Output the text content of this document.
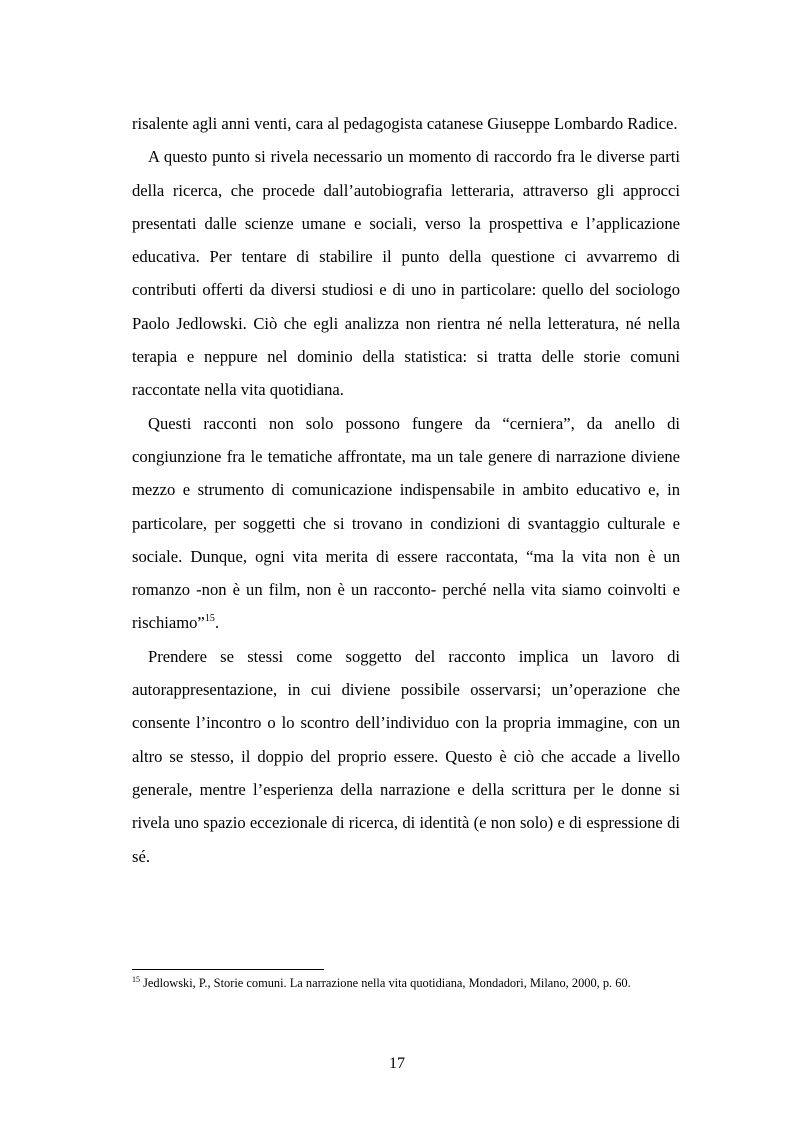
risalente agli anni venti, cara al pedagogista catanese Giuseppe Lombardo Radice.

A questo punto si rivela necessario un momento di raccordo fra le diverse parti della ricerca, che procede dall’autobiografia letteraria, attraverso gli approcci presentati dalle scienze umane e sociali, verso la prospettiva e l’applicazione educativa. Per tentare di stabilire il punto della questione ci avvarremo di contributi offerti da diversi studiosi e di uno in particolare: quello del sociologo Paolo Jedlowski. Ciò che egli analizza non rientra né nella letteratura, né nella terapia e neppure nel dominio della statistica: si tratta delle storie comuni raccontate nella vita quotidiana.

Questi racconti non solo possono fungere da “cerniera”, da anello di congiunzione fra le tematiche affrontate, ma un tale genere di narrazione diviene mezzo e strumento di comunicazione indispensabile in ambito educativo e, in particolare, per soggetti che si trovano in condizioni di svantaggio culturale e sociale. Dunque, ogni vita merita di essere raccontata, “ma la vita non è un romanzo -non è un film, non è un racconto- perché nella vita siamo coinvolti e rischiamo”$^{15}$.

Prendere se stessi come soggetto del racconto implica un lavoro di autorappresentazione, in cui diviene possibile osservarsi; un’operazione che consente l’incontro o lo scontro dell’individuo con la propria immagine, con un altro se stesso, il doppio del proprio essere. Questo è ciò che accade a livello generale, mentre l’esperienza della narrazione e della scrittura per le donne si rivela uno spazio eccezionale di ricerca, di identità (e non solo) e di espressione di sé.

$^{15}$ Jedlowski, P., Storie comuni. La narrazione nella vita quotidiana, Mondadori, Milano, 2000, p. 60.
17
